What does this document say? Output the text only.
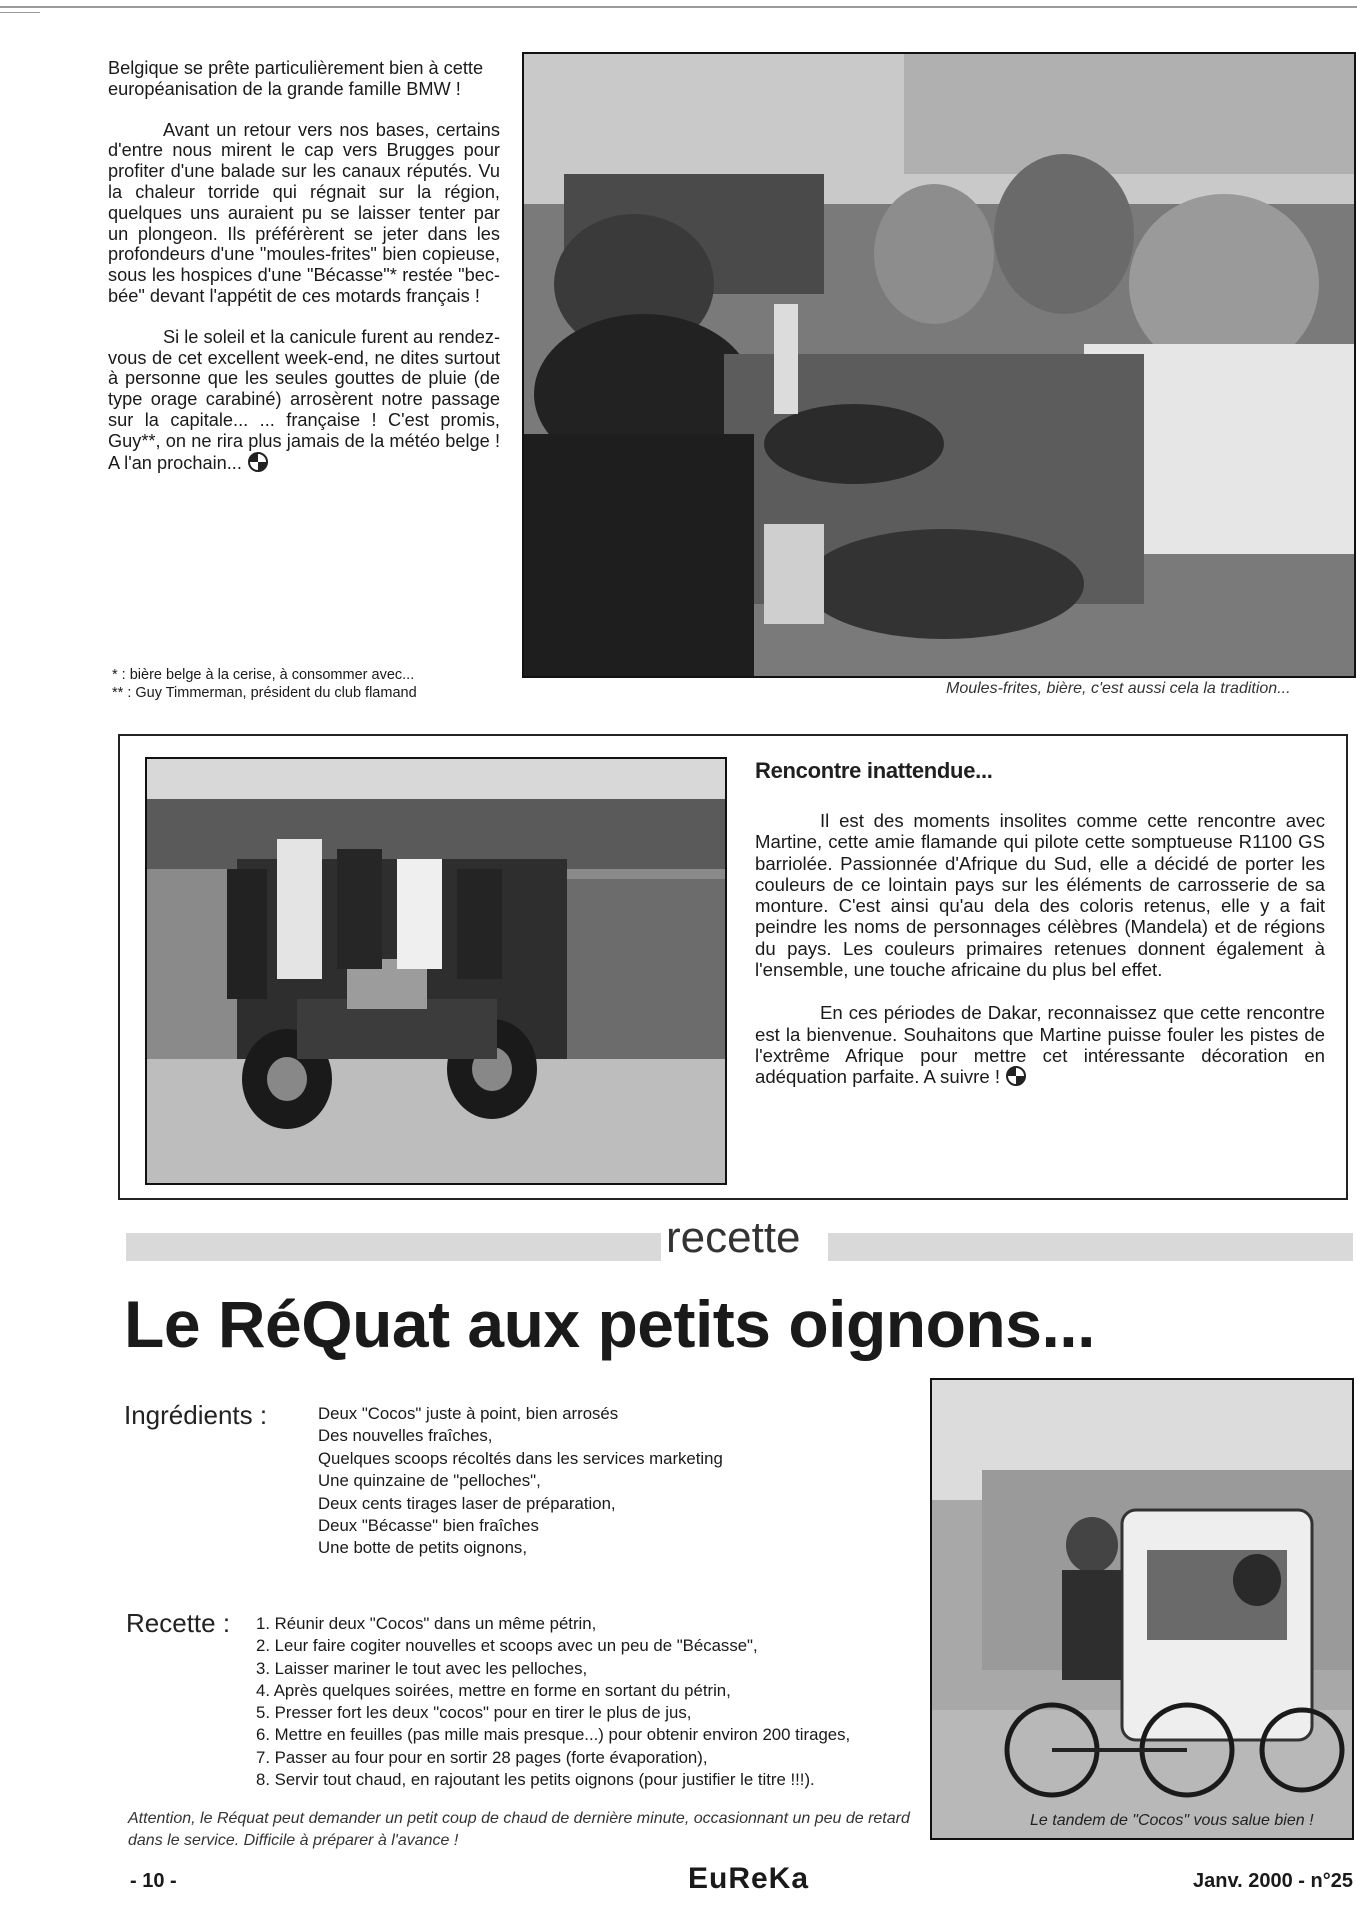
Belgique se prête particulièrement bien à cette européanisation de la grande famille BMW !

Avant un retour vers nos bases, certains d'entre nous mirent le cap vers Brugges pour profiter d'une balade sur les canaux réputés. Vu la chaleur torride qui régnait sur la région, quelques uns auraient pu se laisser tenter par un plongeon. Ils préférèrent se jeter dans les profondeurs d'une "moules-frites" bien copieuse, sous les hospices d'une "Bécasse"* restée "bec-bée" devant l'appétit de ces motards français !

Si le soleil et la canicule furent au rendez-vous de cet excellent week-end, ne dites surtout à personne que les seules gouttes de pluie (de type orage carabiné) arrosèrent notre passage sur la capitale... ... française ! C'est promis, Guy**, on ne rira plus jamais de la météo belge ! A l'an prochain...

* : bière belge à la cerise, à consommer avec...
** : Guy Timmerman, président du club flamand	Moules-frites, bière, c'est aussi cela la tradition...
Rencontre inattendue...

Il est des moments insolites comme cette rencontre avec Martine, cette amie flamande qui pilote cette somptueuse R1100 GS barriolée. Passionnée d'Afrique du Sud, elle a décidé de porter les couleurs de ce lointain pays sur les éléments de carrosserie de sa monture. C'est ainsi qu'au dela des coloris retenus, elle y a fait peindre les noms de personnages célèbres (Mandela) et de régions du pays. Les couleurs primaires retenues donnent également à l'ensemble, une touche africaine du plus bel effet.

En ces périodes de Dakar, reconnaissez que cette rencontre est la bienvenue. Souhaitons que Martine puisse fouler les pistes de l'extrême Afrique pour mettre cet intéressante décoration en adéquation parfaite. A suivre !

recette
Le RéQuat aux petits oignons...
Ingrédients :	Deux "Cocos" juste à point, bien arrosés
Des nouvelles fraîches,
Quelques scoops récoltés dans les services marketing
Une quinzaine de "pelloches",
Deux cents tirages laser de préparation,
Deux "Bécasse" bien fraîches
Une botte de petits oignons,
Recette : 1. Réunir deux "Cocos" dans un même pétrin,
2. Leur faire cogiter nouvelles et scoops avec un peu de "Bécasse",
3. Laisser mariner le tout avec les pelloches,
4. Après quelques soirées, mettre en forme en sortant du pétrin,
5. Presser fort les deux "cocos" pour en tirer le plus de jus,
6. Mettre en feuilles (pas mille mais presque...) pour obtenir environ 200 tirages,
7. Passer au four pour en sortir 28 pages (forte évaporation),
8. Servir tout chaud, en rajoutant les petits oignons (pour justifier le titre !!!).
Attention, le Réquat peut demander un petit coup de chaud de dernière minute, occasionnant un peu de retard dans le service. Difficile à préparer à l'avance !
Le tandem de "Cocos" vous salue bien !
- 10 -	EuReKa	Janv. 2000 - n°25
